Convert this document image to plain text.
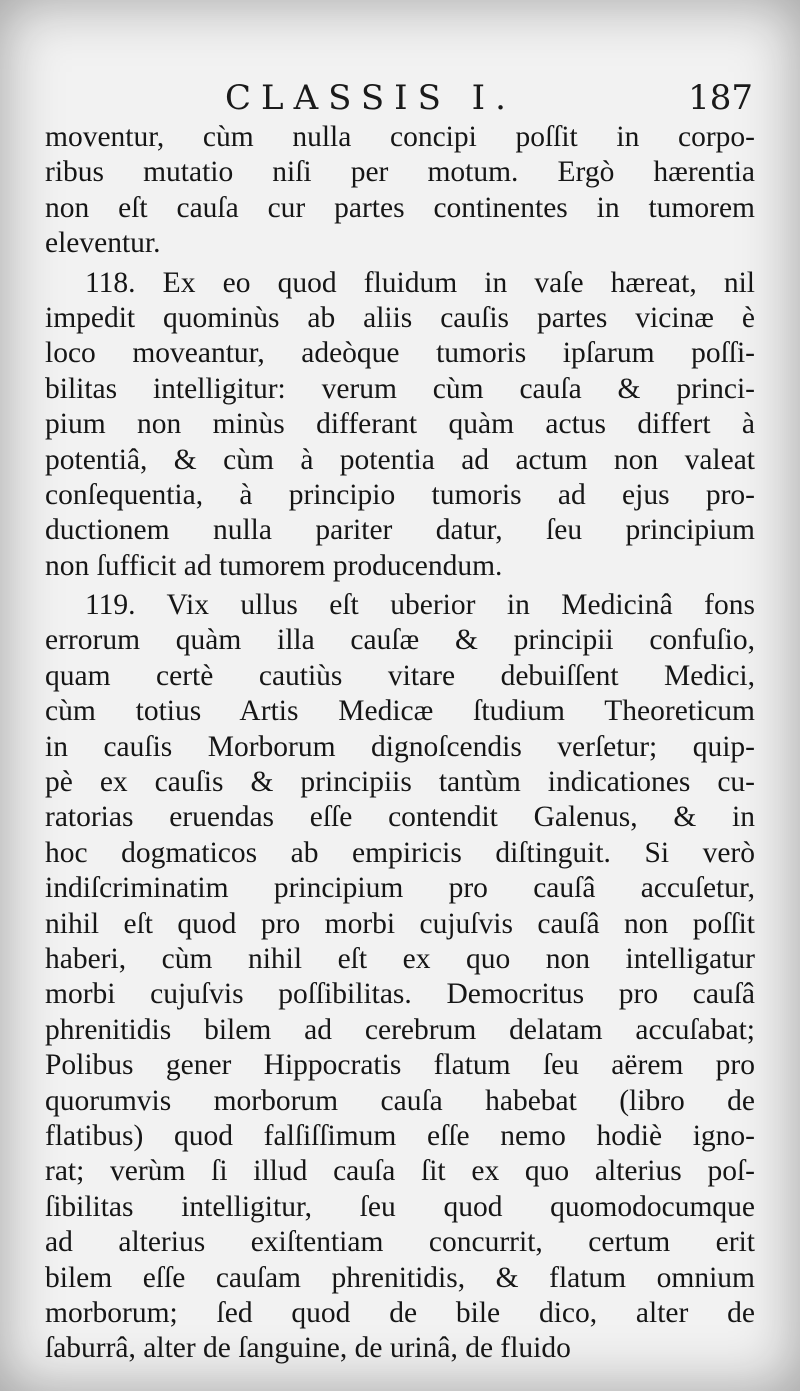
CLASSIS I.	187
moventur, cùm nulla concipi poſſit in corpo-
ribus mutatio niſi per motum. Ergò hærentia
non eſt cauſa cur partes continentes in tumorem
eleventur.
118. Ex eo quod fluidum in vaſe hæreat, nil
impedit quominùs ab aliis cauſis partes vicinæ è
loco moveantur, adeòque tumoris ipſarum poſſi-
bilitas intelligitur: verum cùm cauſa & princi-
pium non minùs differant quàm actus differt à
potentiâ, & cùm à potentia ad actum non valeat
conſequentia, à principio tumoris ad ejus pro-
ductionem nulla pariter datur, ſeu principium
non ſufficit ad tumorem producendum.
119. Vix ullus eſt uberior in Medicinâ fons
errorum quàm illa cauſæ & principii confuſio,
quam certè cautiùs vitare debuiſſent Medici,
cùm totius Artis Medicæ ſtudium Theoreticum
in cauſis Morborum dignoſcendis verſetur; quip-
pè ex cauſis & principiis tantùm indicationes cu-
ratorias eruendas eſſe contendit Galenus, & in
hoc dogmaticos ab empiricis diſtinguit. Si verò
indiſcriminatim principium pro cauſâ accuſetur,
nihil eſt quod pro morbi cujuſvis cauſâ non poſſit
haberi, cùm nihil eſt ex quo non intelligatur
morbi cujuſvis poſſibilitas. Democritus pro cauſâ
phrenitidis bilem ad cerebrum delatam accuſabat;
Polibus gener Hippocratis flatum ſeu aërem pro
quorumvis morborum cauſa habebat (libro de
flatibus) quod falſiſſimum eſſe nemo hodiè igno-
rat; verùm ſi illud cauſa ſit ex quo alterius poſ-
ſibilitas intelligitur, ſeu quod quomodocumque
ad alterius exiſtentiam concurrit, certum erit
bilem eſſe cauſam phrenitidis, & flatum omnium
morborum; ſed quod de bile dico, alter de
ſaburrâ, alter de ſanguine, de urinâ, de fluido
